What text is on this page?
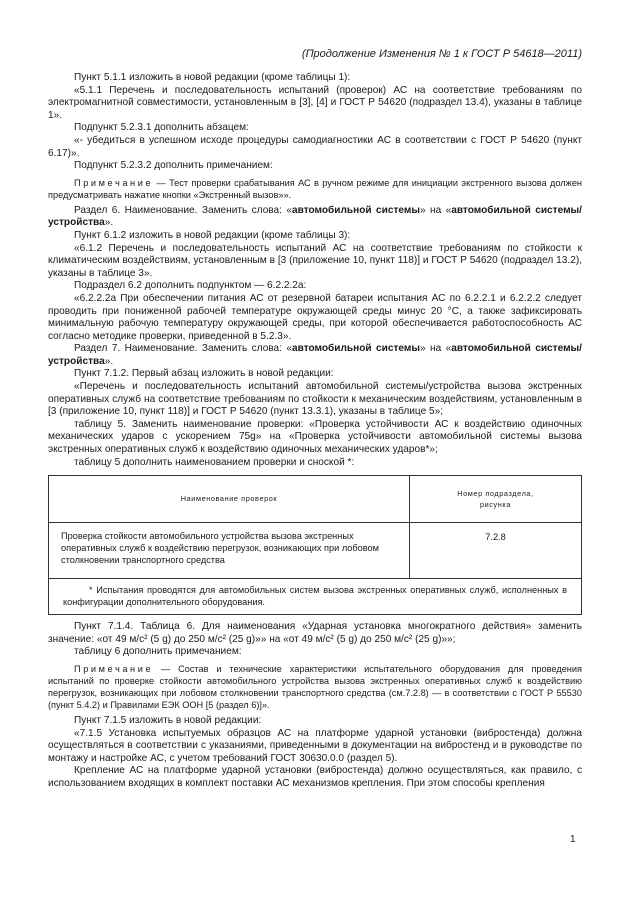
(Продолжение Изменения № 1 к ГОСТ Р 54618—2011)

Пункт 5.1.1 изложить в новой редакции (кроме таблицы 1):

«5.1.1 Перечень и последовательность испытаний (проверок) АС на соответствие требованиям по электромагнитной совместимости, установленным в [3], [4] и ГОСТ Р 54620 (подраздел 13.4), указаны в таблице 1».

Подпункт 5.2.3.1 дополнить абзацем:

«- убедиться в успешном исходе процедуры самодиагностики АС в соответствии с ГОСТ Р 54620 (пункт 6.17)».

Подпункт 5.2.3.2 дополнить примечанием:

Примечание — Тест проверки срабатывания АС в ручном режиме для инициации экстренного вызова должен предусматривать нажатие кнопки «Экстренный вызов»».

Раздел 6. Наименование. Заменить слова: «автомобильной системы» на «автомобильной системы/устройства».

Пункт 6.1.2 изложить в новой редакции (кроме таблицы 3):

«6.1.2 Перечень и последовательность испытаний АС на соответствие требованиям по стойкости к климатическим воздействиям, установленным в [3 (приложение 10, пункт 118)] и ГОСТ Р 54620 (подраздел 13.2), указаны в таблице 3».

Подраздел 6.2 дополнить подпунктом — 6.2.2.2а:

«6.2.2.2а При обеспечении питания АС от резервной батареи испытания АС по 6.2.2.1 и 6.2.2.2 следует проводить при пониженной рабочей температуре окружающей среды минус 20 °С, а также зафиксировать минимальную рабочую температуру окружающей среды, при которой обеспечивается работоспособность АС согласно методике проверки, приведенной в 5.2.3».

Раздел 7. Наименование. Заменить слова: «автомобильной системы» на «автомобильной системы/устройства».

Пункт 7.1.2. Первый абзац изложить в новой редакции:

«Перечень и последовательность испытаний автомобильной системы/устройства вызова экстренных оперативных служб на соответствие требованиям по стойкости к механическим воздействиям, установленным в [3 (приложение 10, пункт 118)] и ГОСТ Р 54620 (пункт 13.3.1), указаны в таблице 5»;

таблицу 5. Заменить наименование проверки: «Проверка устойчивости АС к воздействию одиночных механических ударов с ускорением 75g» на «Проверка устойчивости автомобильной системы вызова экстренных оперативных служб к воздействию одиночных механических ударов*»;

таблицу 5 дополнить наименованием проверки и сноской *:

Наименование проверок	Номер подраздела,
рисунка
Проверка стойкости автомобильного устройства вызова экстренных оперативных служб к воздействию перегрузок, возникающих при лобовом столкновении транспортного средства	7.2.8
* Испытания проводятся для автомобильных систем вызова экстренных оперативных служб, исполненных в конфигурации дополнительного оборудования.	

Пункт 7.1.4. Таблица 6. Для наименования «Ударная установка многократного действия» заменить значение: «от 49 м/с² (5 g) до 250 м/с² (25 g)»» на «от 49 м/с² (5 g) до 250 м/с² (25 g)»»;

таблицу 6 дополнить примечанием:

Примечание — Состав и технические характеристики испытательного оборудования для проведения испытаний по проверке стойкости автомобильного устройства вызова экстренных оперативных служб к воздействию перегрузок, возникающих при лобовом столкновении транспортного средства (см.7.2.8) — в соответствии с ГОСТ Р 55530 (пункт 5.4.2) и Правилами ЕЭК ООН [5 (раздел 6)]».

Пункт 7.1.5 изложить в новой редакции:

«7.1.5 Установка испытуемых образцов АС на платформе ударной установки (вибростенда) должна осуществляться в соответствии с указаниями, приведенными в документации на вибростенд и в руководстве по монтажу и настройке АС, с учетом требований ГОСТ 30630.0.0 (раздел 5).

Крепление АС на платформе ударной установки (вибростенда) должно осуществляться, как правило, с использованием входящих в комплект поставки АС механизмов крепления. При этом способы крепления

1
